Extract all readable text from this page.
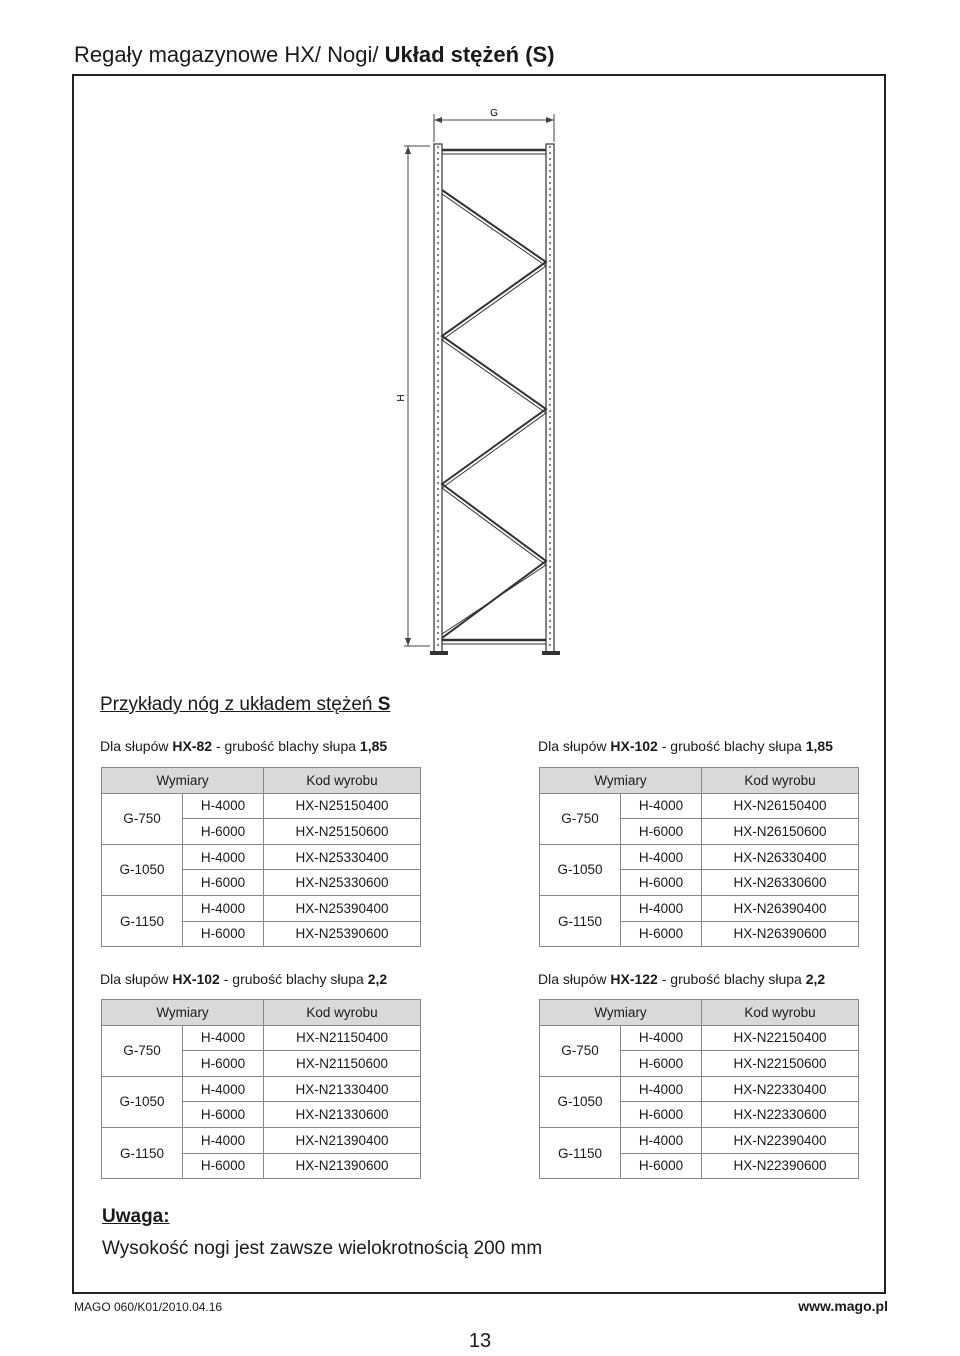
Regały magazynowe HX/ Nogi/ Układ stężeń (S)
G
H
Przykłady nóg z układem stężeń S
Dla słupów HX-82 - grubość blachy słupa 1,85
Wymiary		Kod wyrobu
G-750	H-4000	HX-N25150400
	H-6000	HX-N25150600
G-1050	H-4000	HX-N25330400
	H-6000	HX-N25330600
G-1150	H-4000	HX-N25390400
	H-6000	HX-N25390600
Dla słupów HX-102 - grubość blachy słupa 1,85
Wymiary		Kod wyrobu
G-750	H-4000	HX-N26150400
	H-6000	HX-N26150600
G-1050	H-4000	HX-N26330400
	H-6000	HX-N26330600
G-1150	H-4000	HX-N26390400
	H-6000	HX-N26390600
Dla słupów HX-102 - grubość blachy słupa 2,2
Wymiary		Kod wyrobu
G-750	H-4000	HX-N21150400
	H-6000	HX-N21150600
G-1050	H-4000	HX-N21330400
	H-6000	HX-N21330600
G-1150	H-4000	HX-N21390400
	H-6000	HX-N21390600
Dla słupów HX-122 - grubość blachy słupa 2,2
Wymiary		Kod wyrobu
G-750	H-4000	HX-N22150400
	H-6000	HX-N22150600
G-1050	H-4000	HX-N22330400
	H-6000	HX-N22330600
G-1150	H-4000	HX-N22390400
	H-6000	HX-N22390600
Uwaga:
Wysokość nogi jest zawsze wielokrotnością 200 mm
MAGO 060/K01/2010.04.16	www.mago.pl
13
